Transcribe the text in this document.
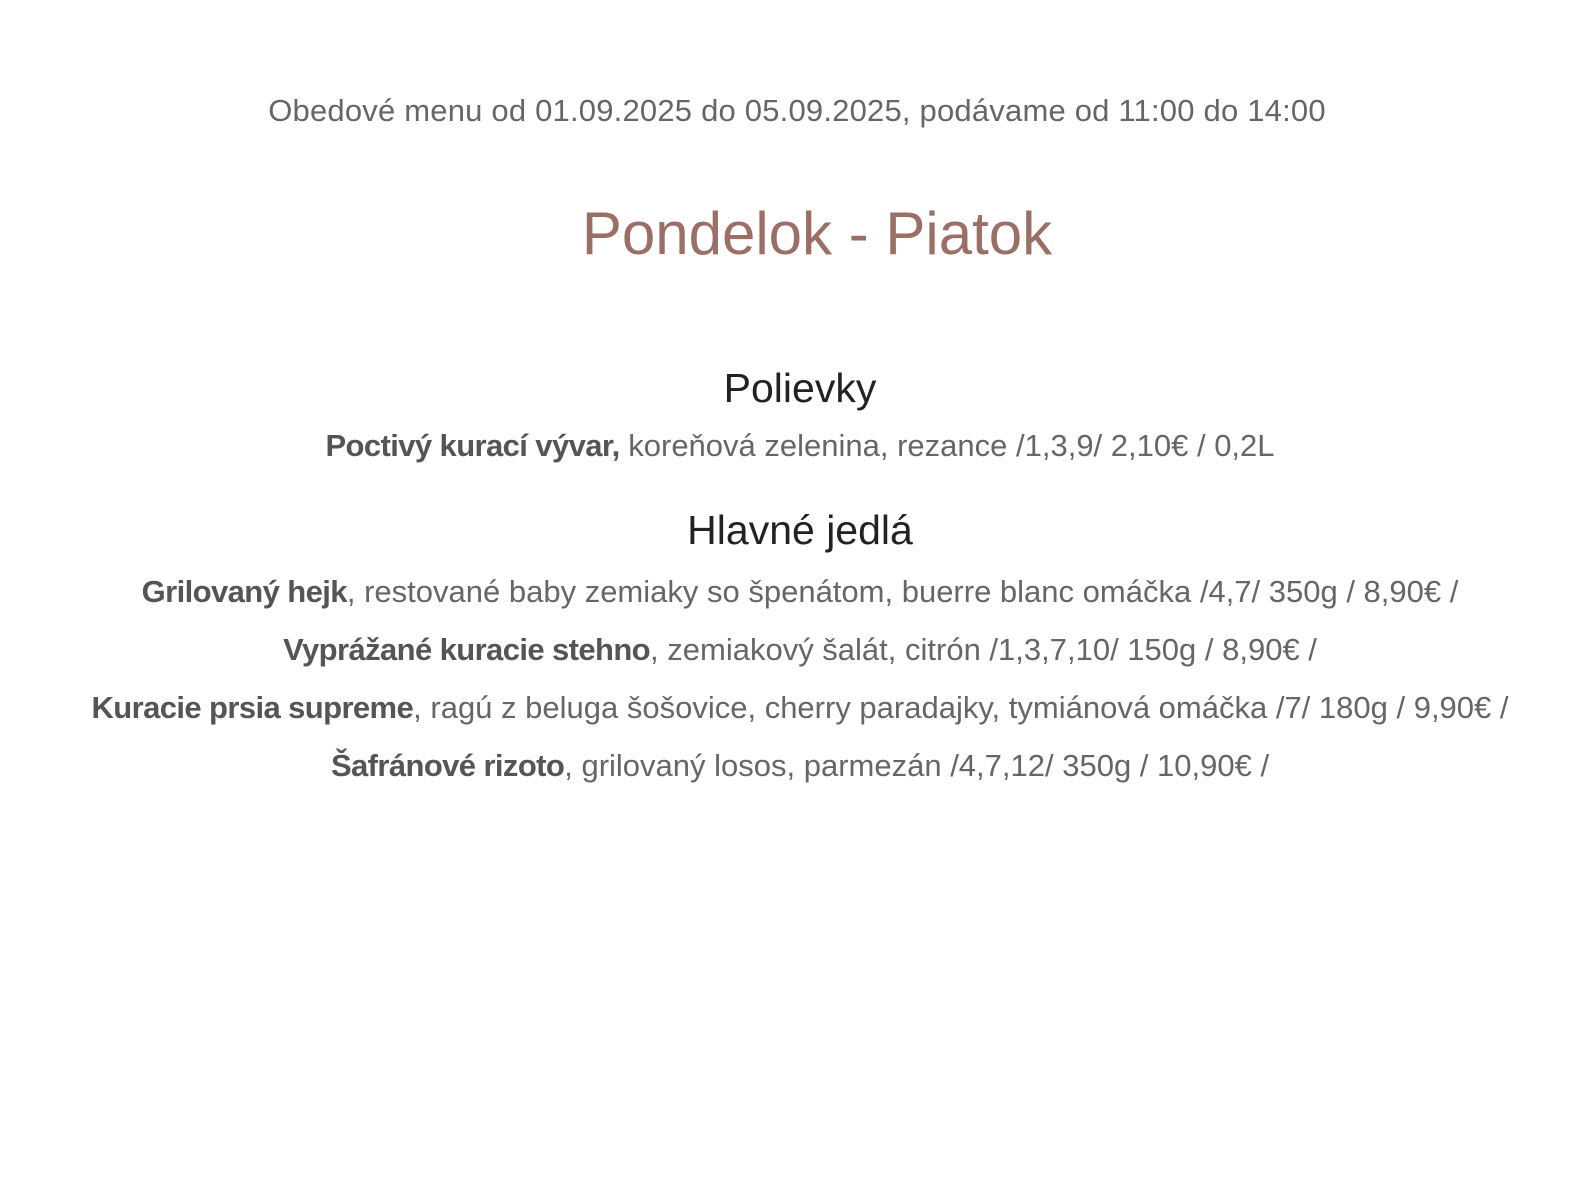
Obedové menu od 01.09.2025 do 05.09.2025, podávame od 11:00 do 14:00
Pondelok - Piatok
Polievky

Poctivý kurací vývar, koreňová zelenina, rezance /1,3,9/ 2,10€ / 0,2L

Hlavné jedlá

Grilovaný hejk, restované baby zemiaky so špenátom, buerre blanc omáčka /4,7/ 350g / 8,90€ /

Vyprážané kuracie stehno, zemiakový šalát, citrón /1,3,7,10/ 150g / 8,90€ /

Kuracie prsia supreme, ragú z beluga šošovice, cherry paradajky, tymiánová omáčka /7/ 180g / 9,90€ /

Šafránové rizoto, grilovaný losos, parmezán /4,7,12/ 350g / 10,90€ /
